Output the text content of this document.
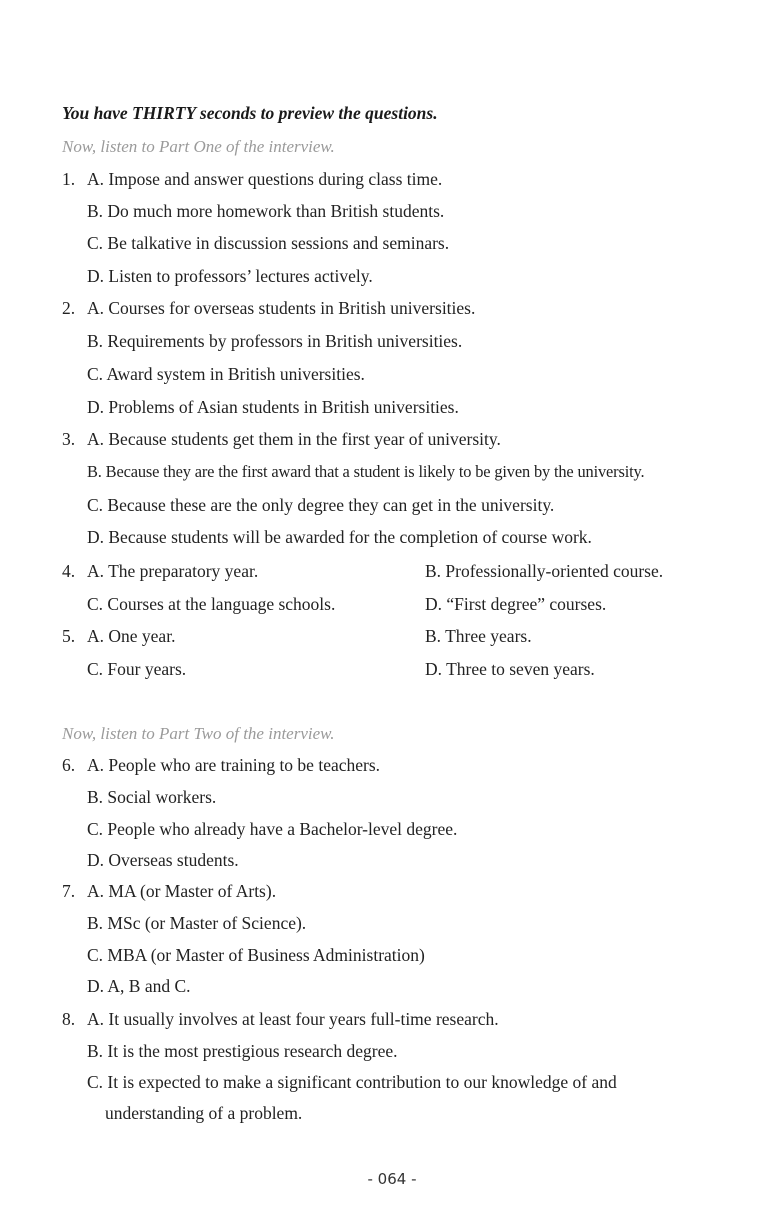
You have THIRTY seconds to preview the questions.
Now, listen to Part One of the interview.
1. A. Impose and answer questions during class time.
B. Do much more homework than British students.
C. Be talkative in discussion sessions and seminars.
D. Listen to professors’ lectures actively.
2. A. Courses for overseas students in British universities.
B. Requirements by professors in British universities.
C. Award system in British universities.
D. Problems of Asian students in British universities.
3. A. Because students get them in the first year of university.
B. Because they are the first award that a student is likely to be given by the university.
C. Because these are the only degree they can get in the university.
D. Because students will be awarded for the completion of course work.
4. A. The preparatory year.	B. Professionally-oriented course.
C. Courses at the language schools.	D. “First degree” courses.
5. A. One year.	B. Three years.
C. Four years.	D. Three to seven years.
Now, listen to Part Two of the interview.
6. A. People who are training to be teachers.
B. Social workers.
C. People who already have a Bachelor-level degree.
D. Overseas students.
7. A. MA (or Master of Arts).
B. MSc (or Master of Science).
C. MBA (or Master of Business Administration)
D. A, B and C.
8. A. It usually involves at least four years full-time research.
B. It is the most prestigious research degree.
C. It is expected to make a significant contribution to our knowledge of and
understanding of a problem.
- 064 -
